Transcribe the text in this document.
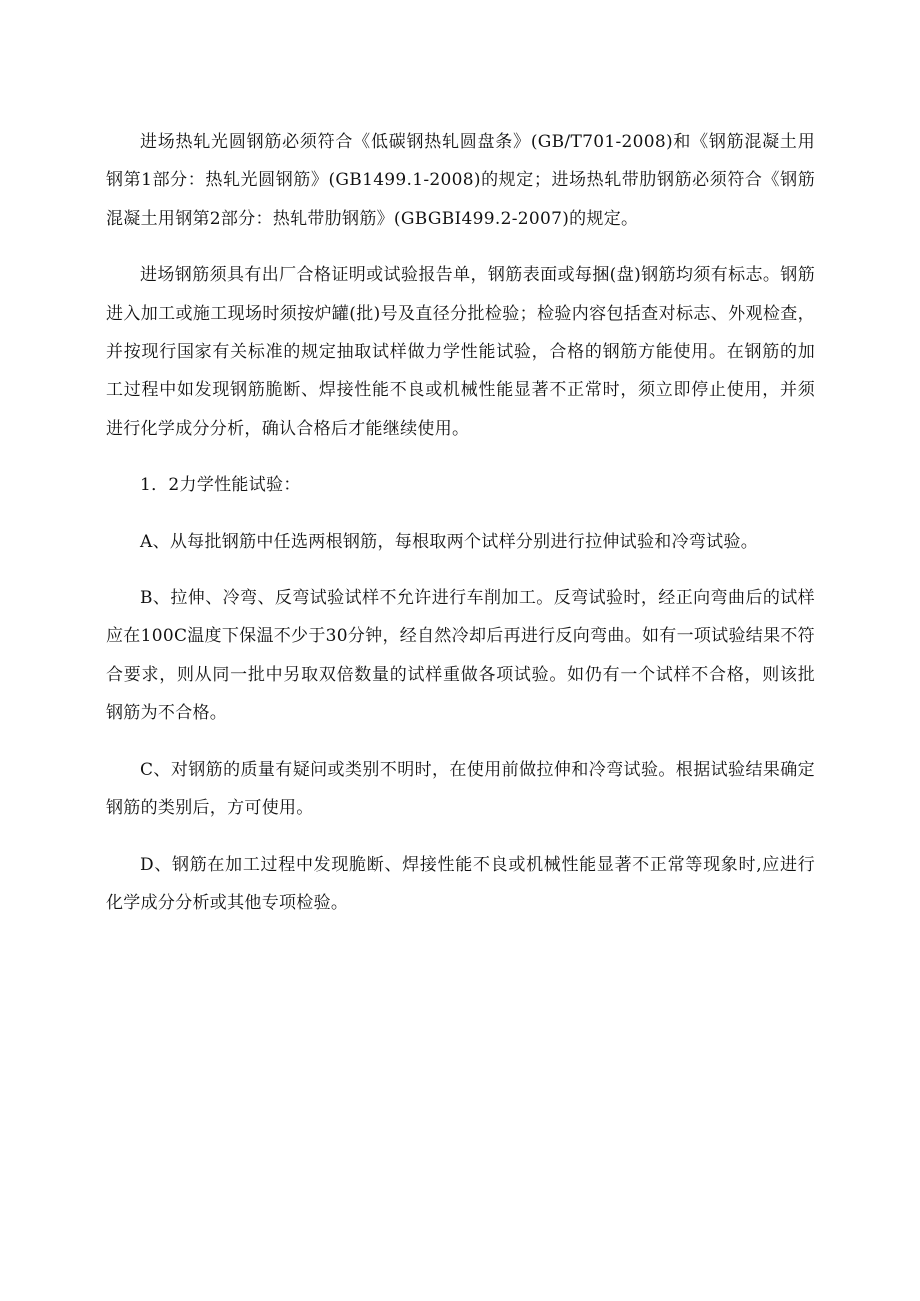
进场热轧光圆钢筋必须符合《低碳钢热轧圆盘条》(GB/T701-2008)和《钢筋混凝土用钢第1部分：热轧光圆钢筋》(GB1499.1-2008)的规定；进场热轧带肋钢筋必须符合《钢筋混凝土用钢第2部分：热轧带肋钢筋》(GBGBI499.2-2007)的规定。

进场钢筋须具有出厂合格证明或试验报告单，钢筋表面或每捆(盘)钢筋均须有标志。钢筋进入加工或施工现场时须按炉罐(批)号及直径分批检验；检验内容包括查对标志、外观检查，并按现行国家有关标准的规定抽取试样做力学性能试验，合格的钢筋方能使用。在钢筋的加工过程中如发现钢筋脆断、焊接性能不良或机械性能显著不正常时，须立即停止使用，并须进行化学成分分析，确认合格后才能继续使用。

1．2力学性能试验：

A、从每批钢筋中任选两根钢筋，每根取两个试样分别进行拉伸试验和冷弯试验。

B、拉伸、冷弯、反弯试验试样不允许进行车削加工。反弯试验时，经正向弯曲后的试样应在100C温度下保温不少于30分钟，经自然冷却后再进行反向弯曲。如有一项试验结果不符合要求，则从同一批中另取双倍数量的试样重做各项试验。如仍有一个试样不合格，则该批钢筋为不合格。

C、对钢筋的质量有疑问或类别不明时，在使用前做拉伸和冷弯试验。根据试验结果确定钢筋的类别后，方可使用。

D、钢筋在加工过程中发现脆断、焊接性能不良或机械性能显著不正常等现象时,应进行化学成分分析或其他专项检验。
